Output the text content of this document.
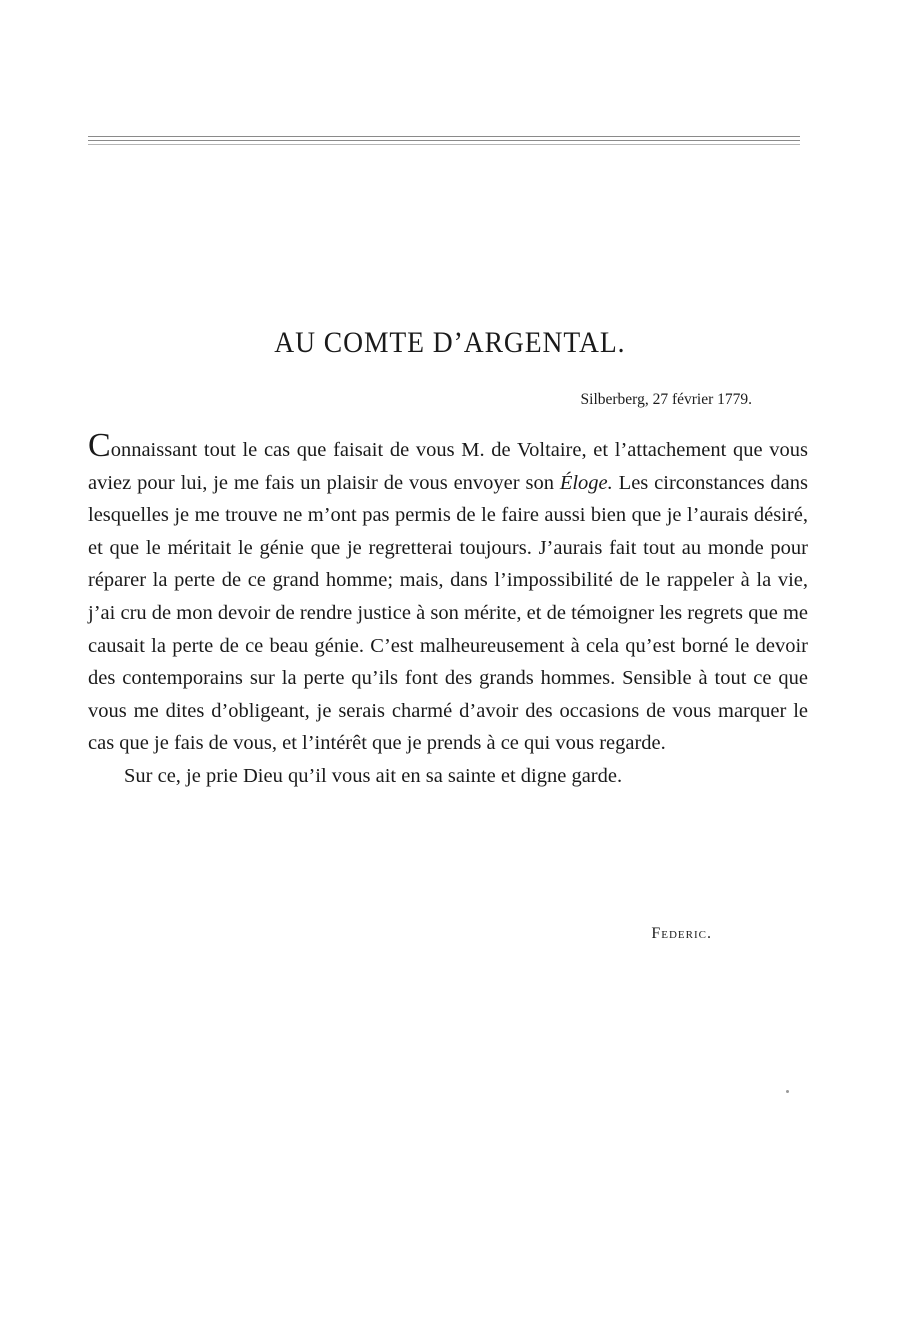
AU COMTE D’ARGENTAL.

Silberberg, 27 février 1779.

Connaissant tout le cas que faisait de vous M. de Voltaire, et l’attachement que vous aviez pour lui, je me fais un plaisir de vous envoyer son Éloge. Les circonstances dans lesquelles je me trouve ne m’ont pas permis de le faire aussi bien que je l’aurais désiré, et que le méritait le génie que je regretterai toujours. J’aurais fait tout au monde pour réparer la perte de ce grand homme; mais, dans l’impossibilité de le rappeler à la vie, j’ai cru de mon devoir de rendre justice à son mérite, et de témoigner les regrets que me causait la perte de ce beau génie. C’est malheureusement à cela qu’est borné le devoir des contemporains sur la perte qu’ils font des grands hommes. Sensible à tout ce que vous me dites d’obligeant, je serais charmé d’avoir des occasions de vous marquer le cas que je fais de vous, et l’intérêt que je prends à ce qui vous regarde.

Sur ce, je prie Dieu qu’il vous ait en sa sainte et digne garde.

Federic.
